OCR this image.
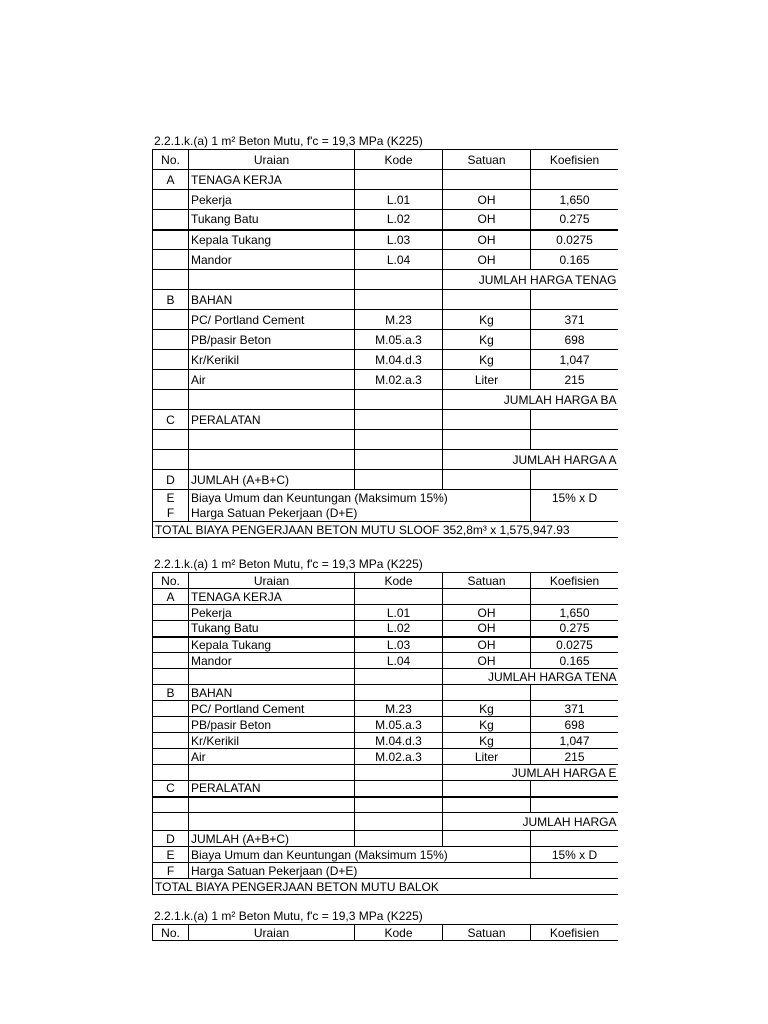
2.2.1.k.(a) 1 m² Beton Mutu, f'c = 19,3 MPa (K225)
No.	Uraian	Kode	Satuan	Koefisien
A	TENAGA KERJA			
	Pekerja	L.01	OH	1,650
	Tukang Batu	L.02	OH	0.275
	Kepala Tukang	L.03	OH	0.0275
	Mandor	L.04	OH	0.165
			JUMLAH HARGA TENAG	
B	BAHAN			
	PC/ Portland Cement	M.23	Kg	371
	PB/pasir Beton	M.05.a.3	Kg	698
	Kr/Kerikil	M.04.d.3	Kg	1,047
	Air	M.02.a.3	Liter	215
			JUMLAH HARGA BA	
C	PERALATAN			

			JUMLAH HARGA A	
D	JUMLAH (A+B+C)			
E	Biaya Umum dan Keuntungan (Maksimum 15%)			15% x D
F	Harga Satuan Pekerjaan (D+E)			
TOTAL BIAYA PENGERJAAN BETON MUTU SLOOF 352,8m³ x 1,575,947.93				
2.2.1.k.(a) 1 m² Beton Mutu, f'c = 19,3 MPa (K225)
No.	Uraian	Kode	Satuan	Koefisien
A	TENAGA KERJA			
	Pekerja	L.01	OH	1,650
	Tukang Batu	L.02	OH	0.275
	Kepala Tukang	L.03	OH	0.0275
	Mandor	L.04	OH	0.165
			JUMLAH HARGA TENA	
B	BAHAN			
	PC/ Portland Cement	M.23	Kg	371
	PB/pasir Beton	M.05.a.3	Kg	698
	Kr/Kerikil	M.04.d.3	Kg	1,047
	Air	M.02.a.3	Liter	215
			JUMLAH HARGA E	
C	PERALATAN			

			JUMLAH HARGA	
D	JUMLAH (A+B+C)			
E	Biaya Umum dan Keuntungan (Maksimum 15%)			15% x D
F	Harga Satuan Pekerjaan (D+E)			
TOTAL BIAYA PENGERJAAN BETON MUTU BALOK				
2.2.1.k.(a) 1 m² Beton Mutu, f'c = 19,3 MPa (K225)
No.	Uraian	Kode	Satuan	Koefisien
